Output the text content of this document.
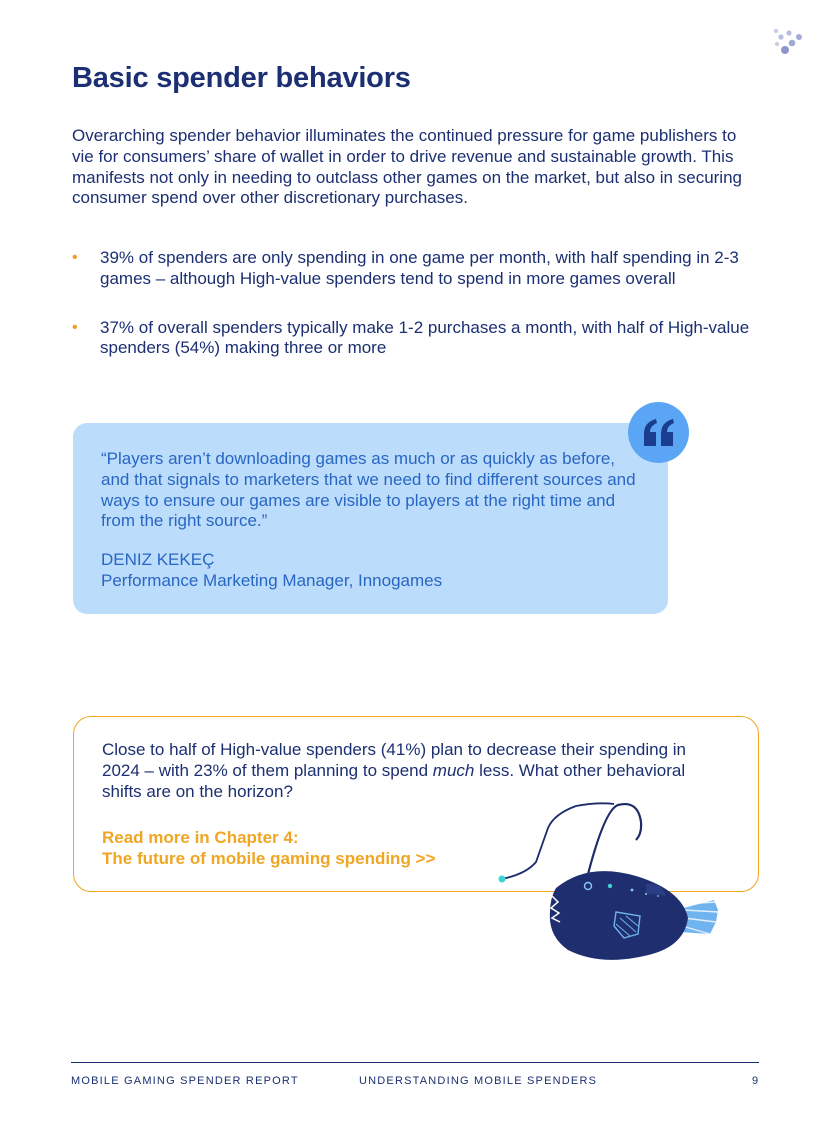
Basic spender behaviors

Overarching spender behavior illuminates the continued pressure for game publishers to vie for consumers’ share of wallet in order to drive revenue and sustainable growth. This manifests not only in needing to outclass other games on the market, but also in securing consumer spend over other discretionary purchases.

• 39% of spenders are only spending in one game per month, with half spending in 2-3 games – although High-value spenders tend to spend in more games overall
• 37% of overall spenders typically make 1-2 purchases a month, with half of High-value spenders (54%) making three or more

“Players aren’t downloading games as much or as quickly as before, and that signals to marketers that we need to find different sources and ways to ensure our games are visible to players at the right time and from the right source.”

DENIZ KEKEÇ

Performance Marketing Manager, Innogames

Close to half of High-value spenders (41%) plan to decrease their spending in 2024 – with 23% of them planning to spend much less. What other behavioral shifts are on the horizon?

Read more in Chapter 4:
The future of mobile gaming spending >>

MOBILE GAMING SPENDER REPORT	UNDERSTANDING MOBILE SPENDERS	9
